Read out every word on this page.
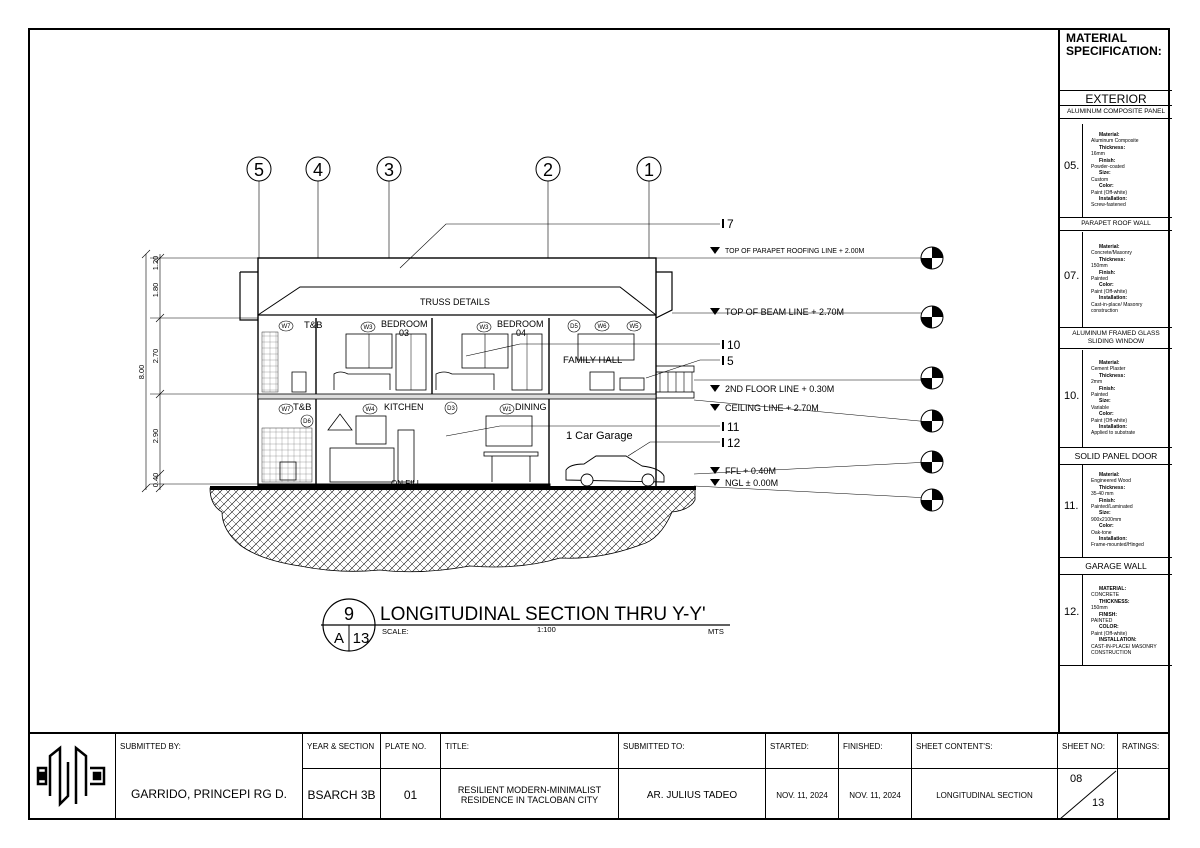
5	4	3	2	1
T&B	BEDROOM 03
BEDROOM 04
FAMILY HALL
T&B	KITCHEN	DINING
1 Car Garage
TRUSS DETAILS
ON FILL
W7	W3	W3	D5	W6	W5
W7
D6
W4	D3	W1
7
10
5
11
12
TOP OF PARAPET ROOFING LINE + 2.00M
TOP OF BEAM LINE + 2.70M
2ND FLOOR LINE + 0.30M
CEILING LINE + 2.70M
FFL + 0.40M
NGL ± 0.00M
1.20
1.80
2.70
2.90
0.40
8.00
9
A 13
LONGITUDINAL SECTION THRU Y-Y'
SCALE:	1:100	MTS
MATERIAL
SPECIFICATION:
EXTERIOR
ALUMINUM COMPOSITE PANEL
05.
Material:
Aluminum Composite
Thickness:
16mm
Finish:
Powder-coated
Size:
Custom
Color:
Paint (Off-white)
Installation:
Screw-fastened
PARAPET ROOF WALL
07.
Material:
Concrete/Masonry
Thickness:
150mm
Finish:
Painted
Color:
Paint (Off-white)
Installation:
Cast-in-place/ Masonry construction
ALUMINUM FRAMED GLASS SLIDING WINDOW
10.
Material:
Cement Plaster
Thickness:
2mm
Finish:
Painted
Size:
Variable
Color:
Paint (Off-white)
Installation:
Applied to substrate
SOLID PANEL DOOR
11.
Material:
Engineered Wood
Thickness:
35-40 mm
Finish:
Painted/Laminated
Size:
900x2100mm
Color:
Oak-tone
Installation:
Frame-mounted/Hinged
GARAGE WALL
12.
MATERIAL:
CONCRETE
THICKNESS:
150mm
FINISH:
PAINTED
COLOR:
Paint (Off-white)
INSTALLATION:
CAST-IN-PLACE/ MASONRY CONSTRUCTION
SUBMITTED BY:
GARRIDO, PRINCEPI RG D.
YEAR & SECTION
BSARCH 3B
PLATE NO.
01
TITLE:
RESILIENT MODERN-MINIMALIST RESIDENCE IN TACLOBAN CITY
SUBMITTED TO:
AR. JULIUS TADEO
STARTED:
NOV. 11, 2024
FINISHED:
NOV. 11, 2024
SHEET CONTENT'S:
LONGITUDINAL SECTION
SHEET NO:
08
13
RATINGS:
